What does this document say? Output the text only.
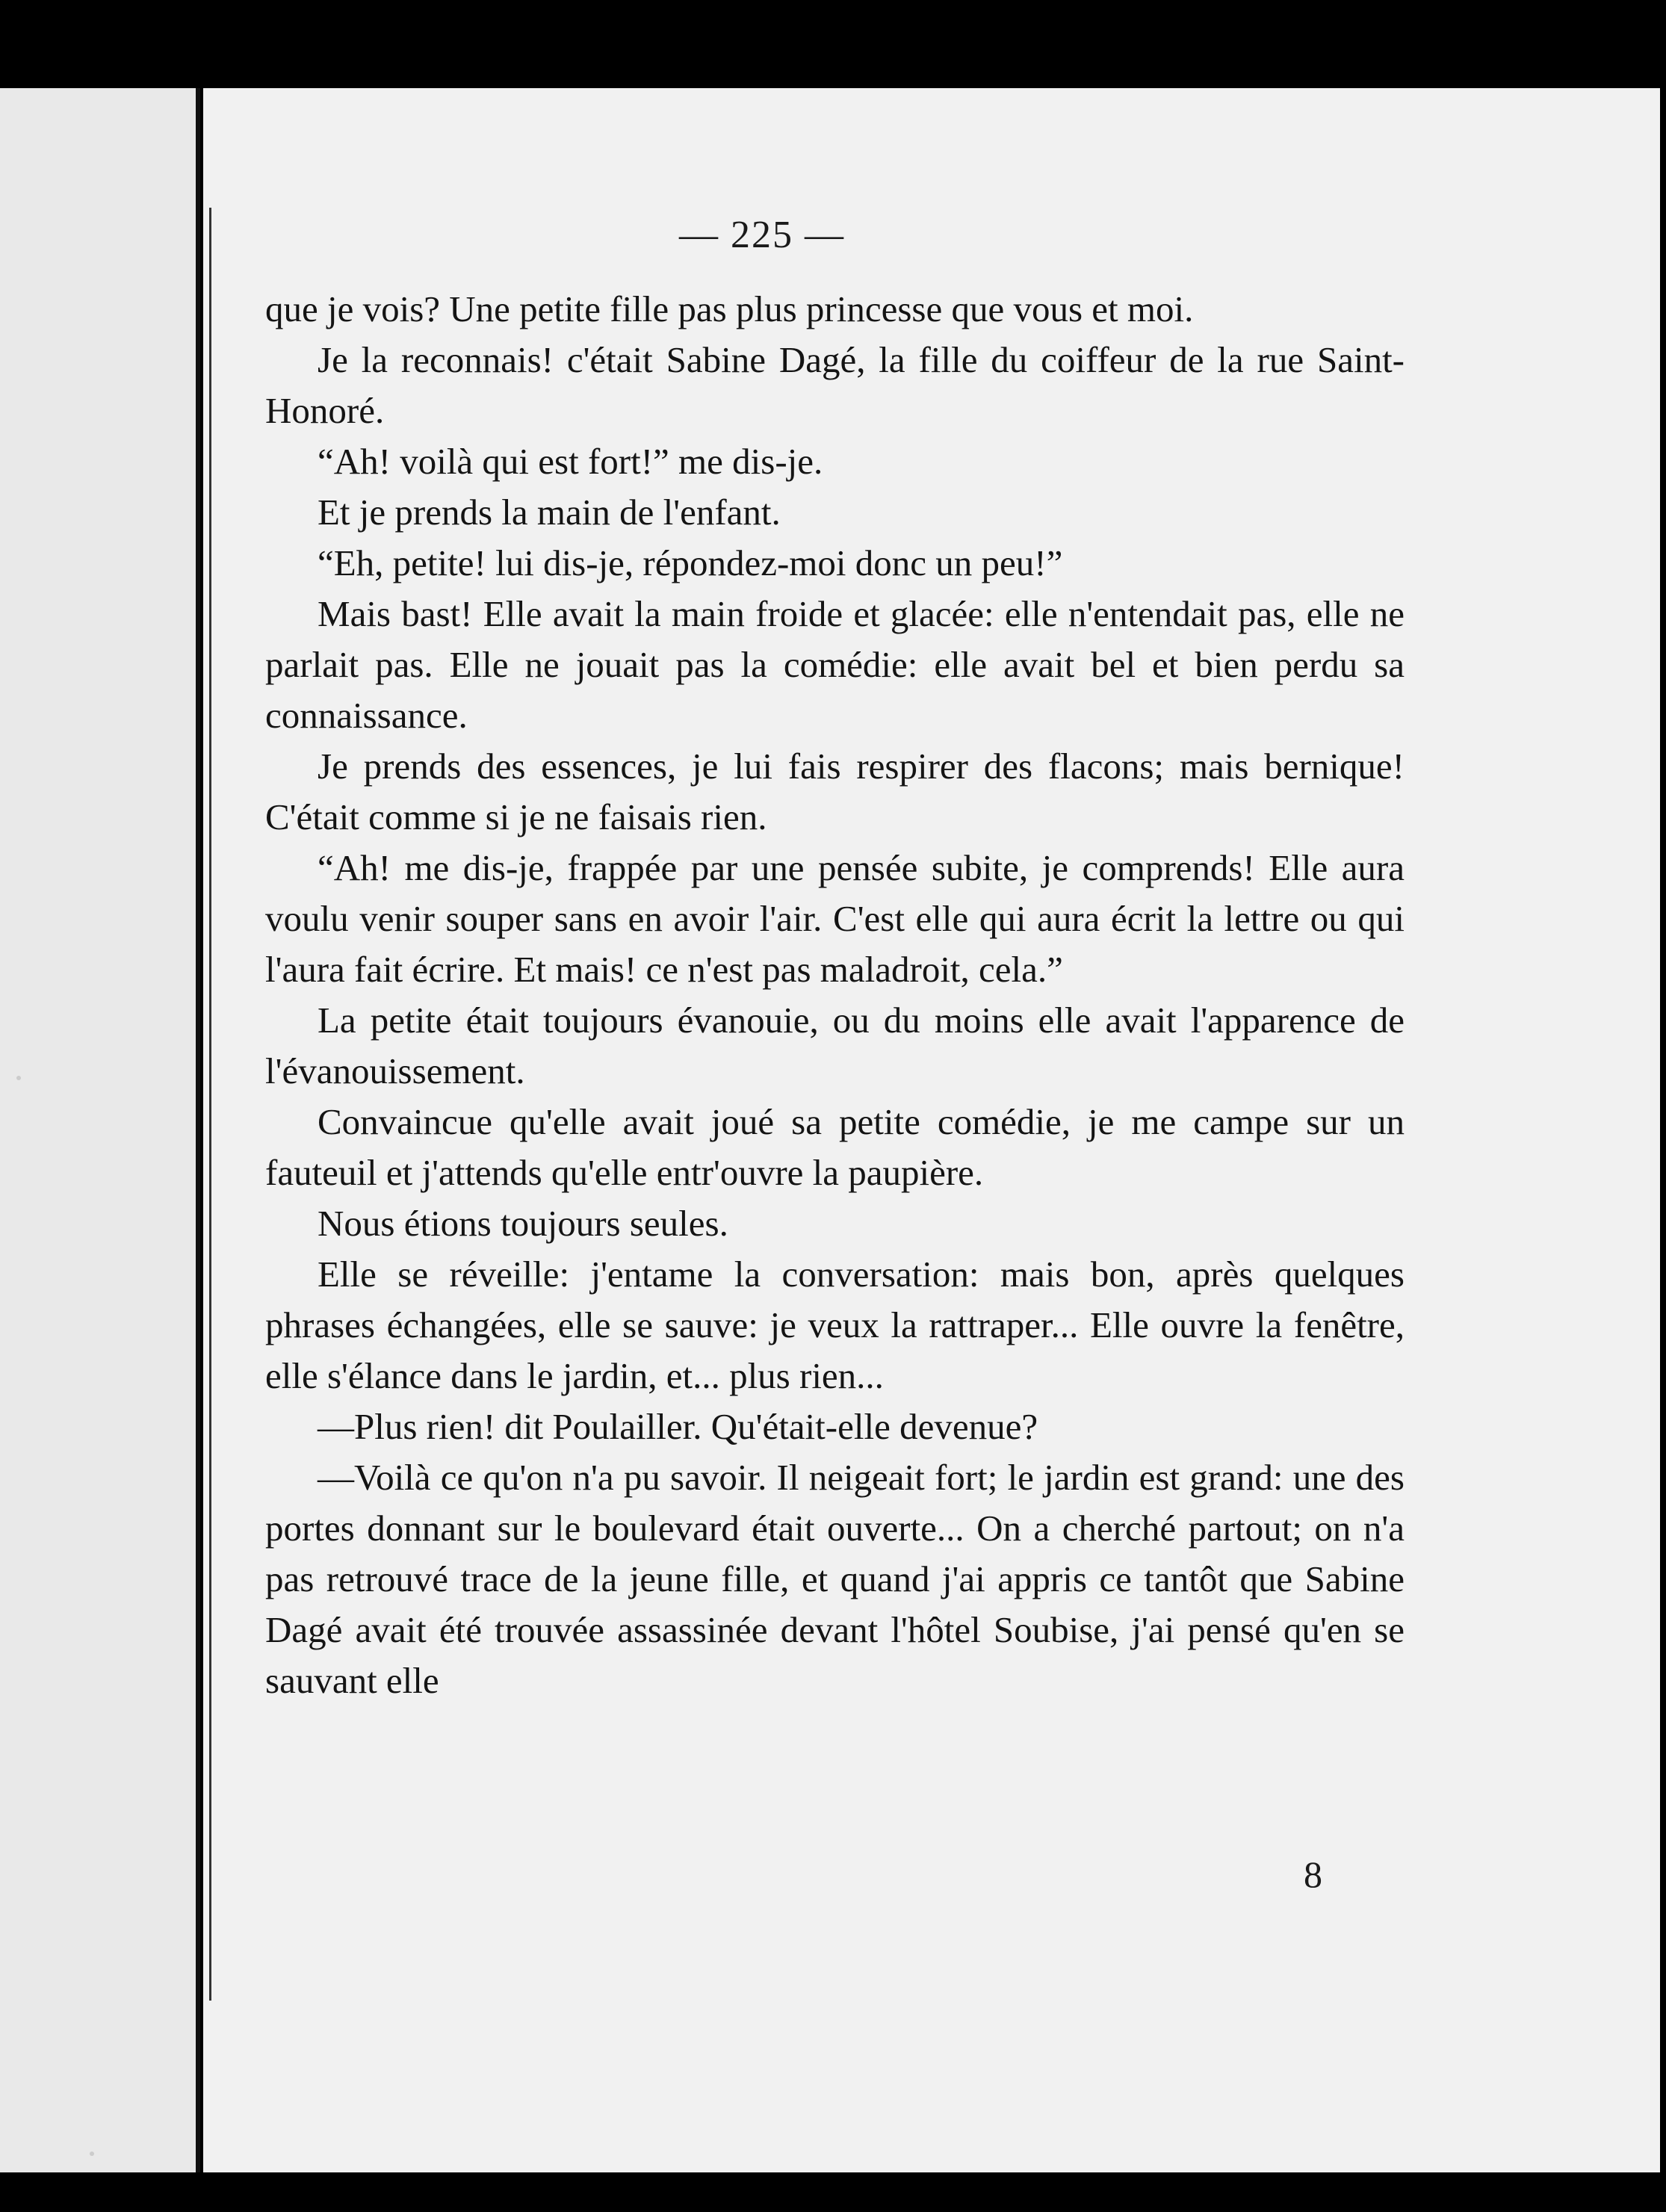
— 225 —

que je vois? Une petite fille pas plus princesse que vous et moi.

Je la reconnais! c'était Sabine Dagé, la fille du coiffeur de la rue Saint-Honoré.

“Ah! voilà qui est fort!” me dis-je.

Et je prends la main de l'enfant.

“Eh, petite! lui dis-je, répondez-moi donc un peu!”

Mais bast! Elle avait la main froide et glacée: elle n'entendait pas, elle ne parlait pas. Elle ne jouait pas la comédie: elle avait bel et bien perdu sa connaissance.

Je prends des essences, je lui fais respirer des flacons; mais bernique! C'était comme si je ne faisais rien.

“Ah! me dis-je, frappée par une pensée subite, je comprends! Elle aura voulu venir souper sans en avoir l'air. C'est elle qui aura écrit la lettre ou qui l'aura fait écrire. Et mais! ce n'est pas maladroit, cela.”

La petite était toujours évanouie, ou du moins elle avait l'apparence de l'évanouissement.

Convaincue qu'elle avait joué sa petite comédie, je me campe sur un fauteuil et j'attends qu'elle entr'ouvre la paupière.

Nous étions toujours seules.

Elle se réveille: j'entame la conversation: mais bon, après quelques phrases échangées, elle se sauve: je veux la rattraper... Elle ouvre la fenêtre, elle s'élance dans le jardin, et... plus rien...

—Plus rien! dit Poulailler. Qu'était-elle devenue?

—Voilà ce qu'on n'a pu savoir. Il neigeait fort; le jardin est grand: une des portes donnant sur le boulevard était ouverte... On a cherché partout; on n'a pas retrouvé trace de la jeune fille, et quand j'ai appris ce tantôt que Sabine Dagé avait été trouvée assassinée devant l'hôtel Soubise, j'ai pensé qu'en se sauvant elle

8
